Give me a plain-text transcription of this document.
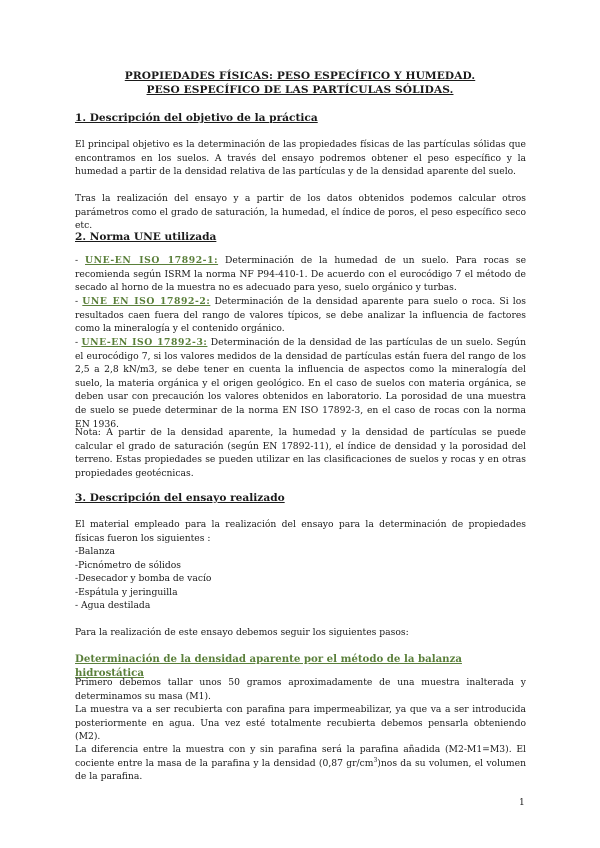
PROPIEDADES FÍSICAS: PESO ESPECÍFICO Y HUMEDAD.
PESO ESPECÍFICO DE LAS PARTÍCULAS SÓLIDAS.
1. Descripción del objetivo de la práctica
El principal objetivo es la determinación de las propiedades físicas de las partículas sólidas que encontramos en los suelos. A través del ensayo podremos obtener el peso específico y la humedad a partir de la densidad relativa de las partículas y de la densidad aparente del suelo.
Tras la realización del ensayo y a partir de los datos obtenidos podemos calcular otros parámetros como el grado de saturación, la humedad, el índice de poros, el peso específico seco etc.
2. Norma UNE utilizada
- UNE-EN ISO 17892-1: Determinación de la humedad de un suelo. Para rocas se recomienda según ISRM la norma NF P94-410-1. De acuerdo con el eurocódigo 7 el método de secado al horno de la muestra no es adecuado para yeso, suelo orgánico y turbas.
- UNE EN ISO 17892-2: Determinación de la densidad aparente para suelo o roca. Si los resultados caen fuera del rango de valores típicos, se debe analizar la influencia de factores como la mineralogía y el contenido orgánico.
- UNE-EN ISO 17892-3: Determinación de la densidad de las partículas de un suelo. Según el eurocódigo 7, si los valores medidos de la densidad de partículas están fuera del rango de los 2,5 a 2,8 kN/m3, se debe tener en cuenta la influencia de aspectos como la mineralogía del suelo, la materia orgánica y el origen geológico. En el caso de suelos con materia orgánica, se deben usar con precaución los valores obtenidos en laboratorio. La porosidad de una muestra de suelo se puede determinar de la norma EN ISO 17892-3, en el caso de rocas con la norma EN 1936.
Nota: A partir de la densidad aparente, la humedad y la densidad de partículas se puede calcular el grado de saturación (según EN 17892-11), el índice de densidad y la porosidad del terreno. Estas propiedades se pueden utilizar en las clasificaciones de suelos y rocas y en otras propiedades geotécnicas.
3. Descripción del ensayo realizado
El material empleado para la realización del ensayo para la determinación de propiedades físicas fueron los siguientes :
-Balanza
-Picnómetro de sólidos
-Desecador y bomba de vacío
-Espátula y jeringuilla
- Agua destilada
Para la realización de este ensayo debemos seguir los siguientes pasos:
Determinación de la densidad aparente por el método de la balanza hidrostática
Primero debemos tallar unos 50 gramos aproximadamente de una muestra inalterada y determinamos su masa (M1).
La muestra va a ser recubierta con parafina para impermeabilizar, ya que va a ser introducida posteriormente en agua. Una vez esté totalmente recubierta debemos pensarla obteniendo (M2).
La diferencia entre la muestra con y sin parafina será la parafina añadida (M2-M1=M3). El cociente entre la masa de la parafina y la densidad (0,87 $gr/cm^3)nos$ da su volumen, el volumen de la parafina.
1
